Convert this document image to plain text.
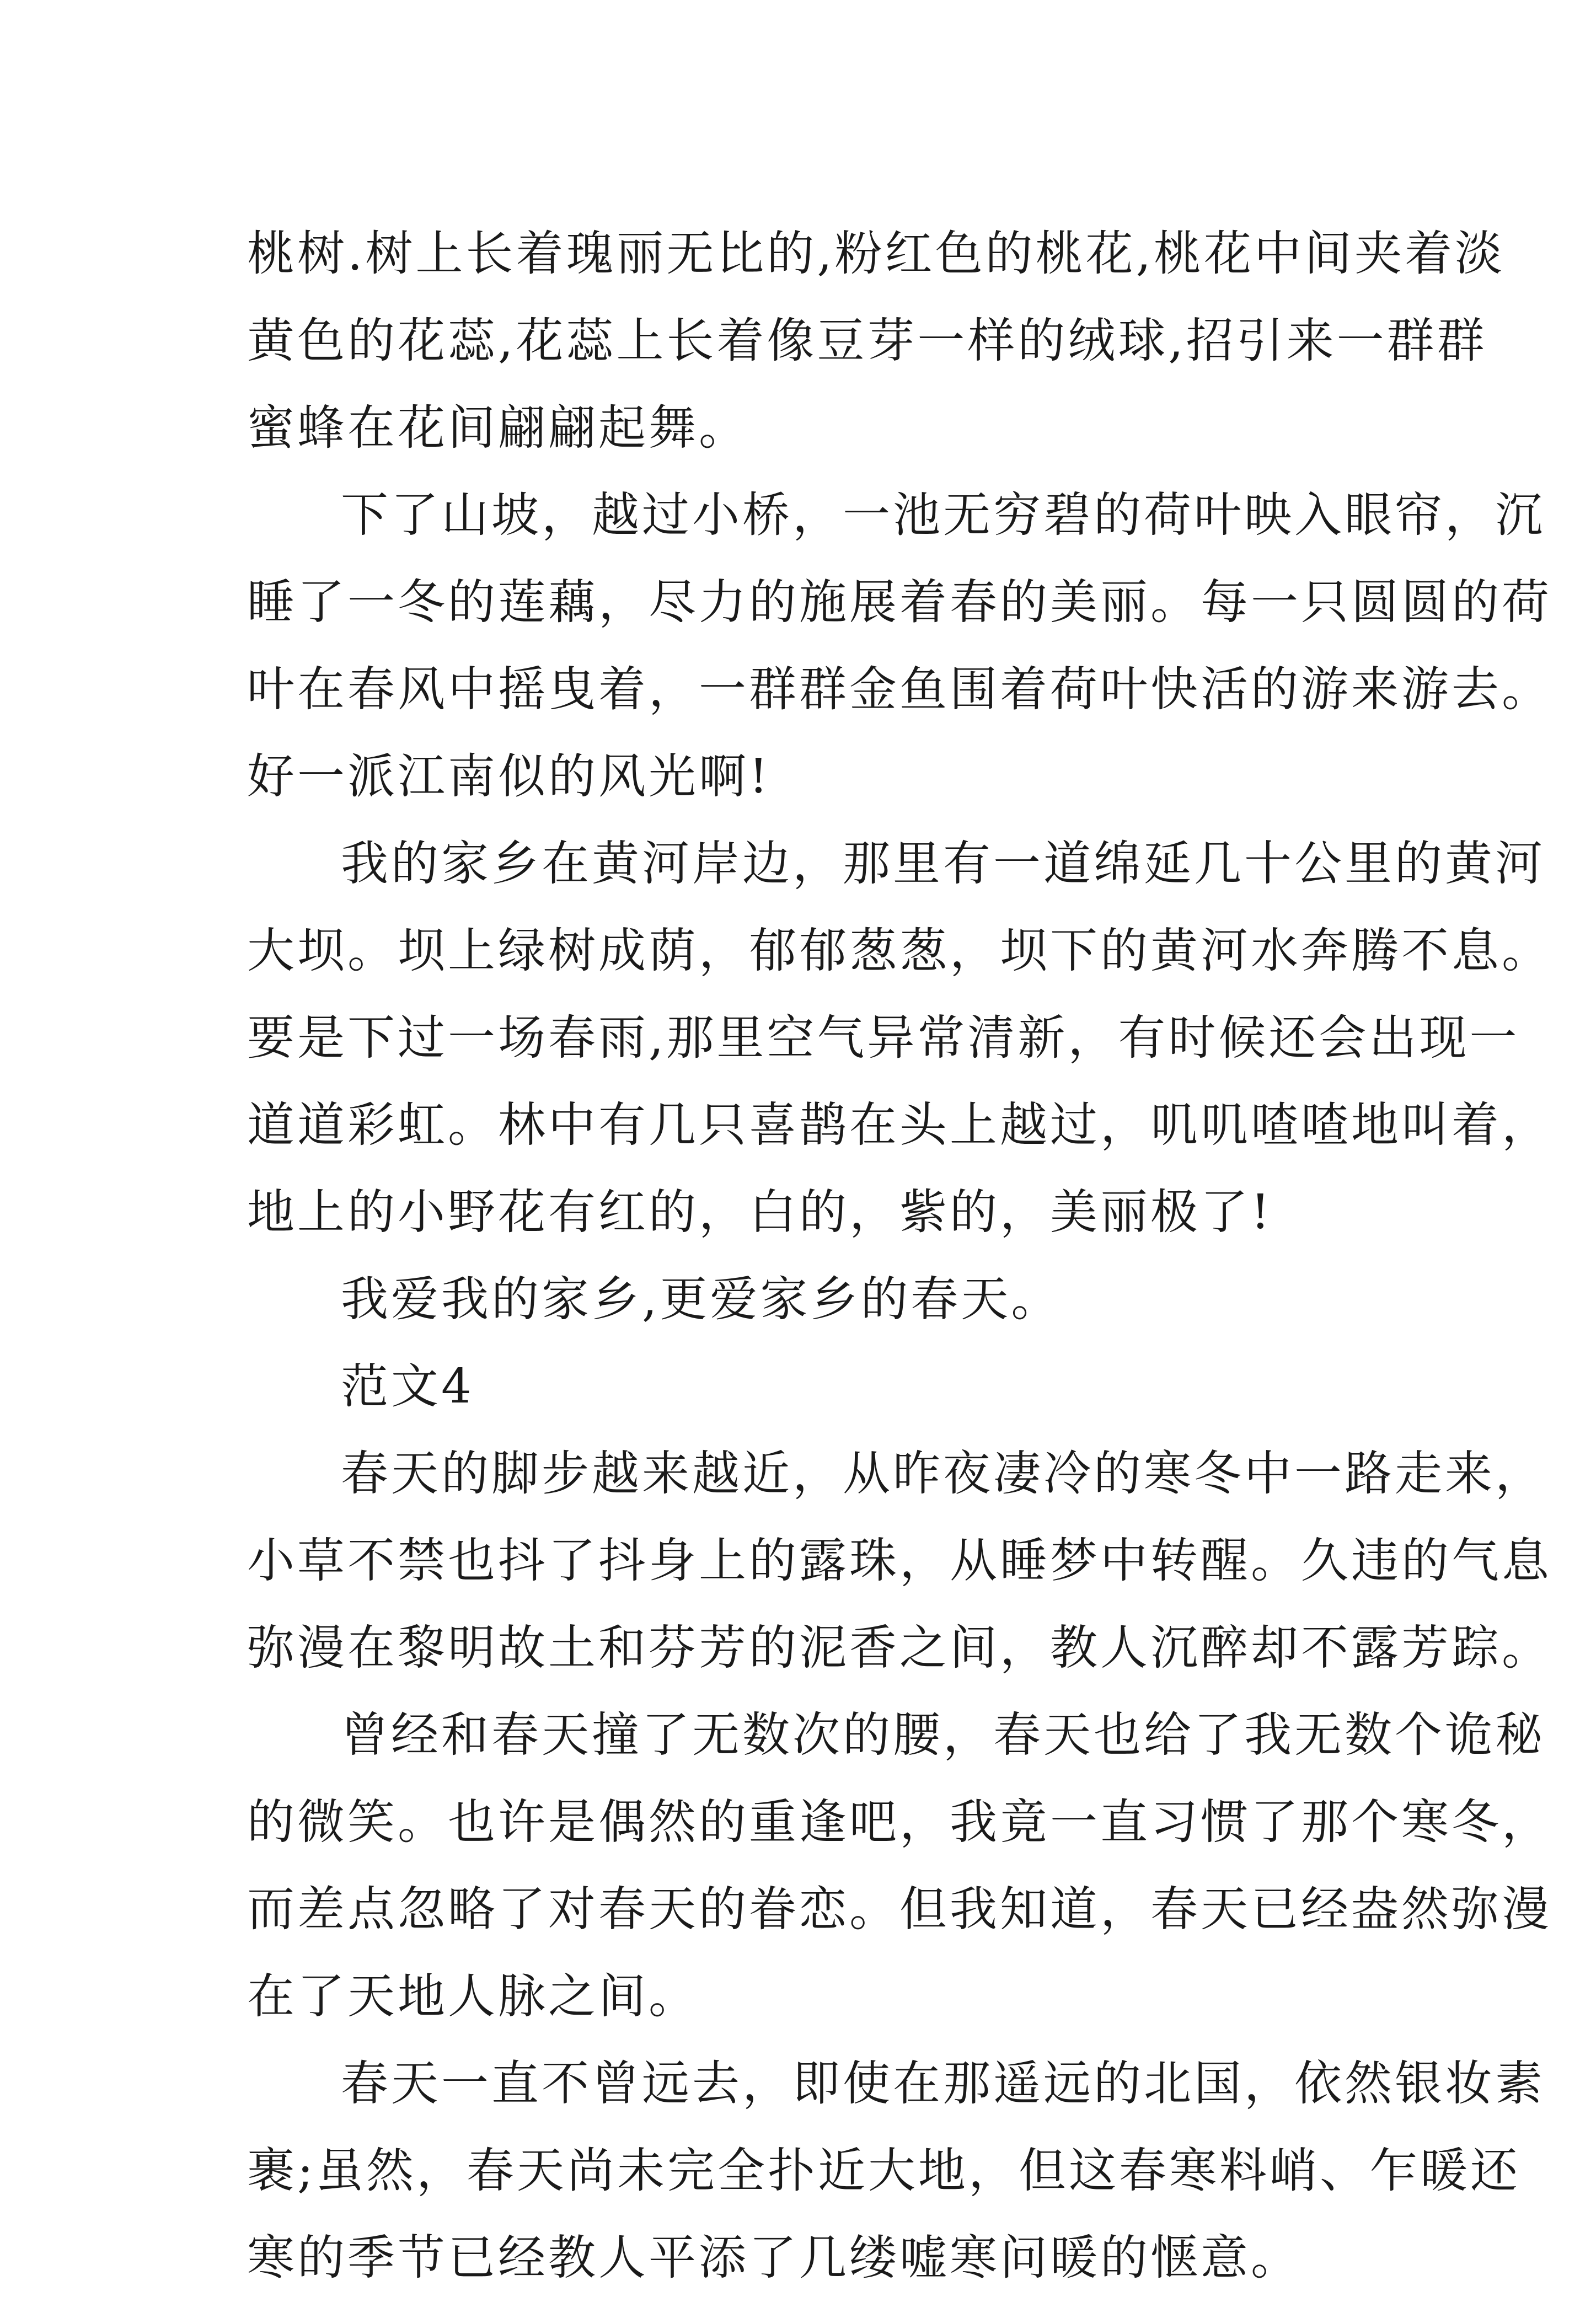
桃树.树上长着瑰丽无比的,粉红色的桃花,桃花中间夹着淡
黄色的花蕊,花蕊上长着像豆芽一样的绒球,招引来一群群
蜜蜂在花间翩翩起舞。
下了山坡，越过小桥，一池无穷碧的荷叶映入眼帘，沉
睡了一冬的莲藕，尽力的施展着春的美丽。每一只圆圆的荷
叶在春风中摇曳着，一群群金鱼围着荷叶快活的游来游去。
好一派江南似的风光啊!
我的家乡在黄河岸边，那里有一道绵延几十公里的黄河
大坝。坝上绿树成荫，郁郁葱葱，坝下的黄河水奔腾不息。
要是下过一场春雨,那里空气异常清新，有时候还会出现一
道道彩虹。林中有几只喜鹊在头上越过，叽叽喳喳地叫着，
地上的小野花有红的，白的，紫的，美丽极了!
我爱我的家乡,更爱家乡的春天。
范文4
春天的脚步越来越近，从昨夜凄冷的寒冬中一路走来，
小草不禁也抖了抖身上的露珠，从睡梦中转醒。久违的气息
弥漫在黎明故土和芬芳的泥香之间，教人沉醉却不露芳踪。
曾经和春天撞了无数次的腰，春天也给了我无数个诡秘
的微笑。也许是偶然的重逢吧，我竟一直习惯了那个寒冬，
而差点忽略了对春天的眷恋。但我知道，春天已经盎然弥漫
在了天地人脉之间。
春天一直不曾远去，即使在那遥远的北国，依然银妆素
裹;虽然，春天尚未完全扑近大地，但这春寒料峭、乍暖还
寒的季节已经教人平添了几缕嘘寒问暖的惬意。
